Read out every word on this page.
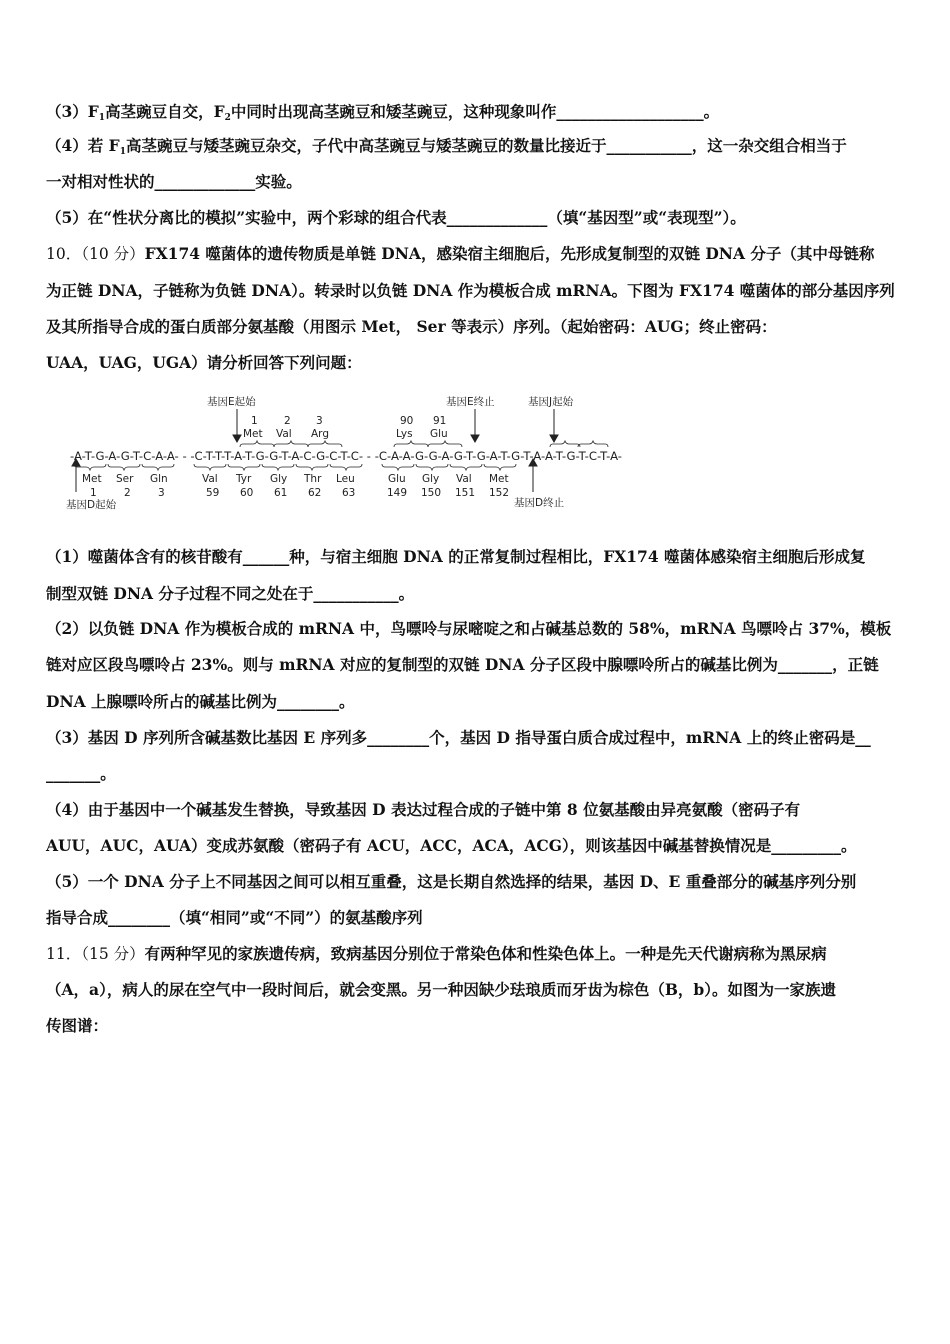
$(3)F_1$高茎豌豆自交，$F_2$中同时出现高茎豌豆和矮茎豌豆，这种现象叫作___________________。
（4）若 $F_1$高茎豌豆与矮茎豌豆杂交，子代中高茎豌豆与矮茎豌豆的数量比接近于___________，这一杂交组合相当于
一对相对性状的_____________实验。
（5）在“性状分离比的模拟”实验中，两个彩球的组合代表_____________（填“基因型”或“表现型”）。
10．（10 分）FX174 噬菌体的遗传物质是单链 DNA，感染宿主细胞后，先形成复制型的双链 DNA 分子（其中母链称
为正链 DNA，子链称为负链 DNA）。转录时以负链 DNA 作为模板合成 mRNA。下图为 FX174 噬菌体的部分基因序列
及其所指导合成的蛋白质部分氨基酸（用图示 Met， Ser 等表示）序列。（起始密码：AUG；终止密码：
UAA，UAG，UGA）请分析回答下列问题：
基因E起始	基因E终止	基因J起始
1
Met
2
Val
3
Arg
90
Lys
91
Glu
-A-T-G-A-G-T-C-A-A- - -C-T-T-T-A-T-G-G-T-A-C-G-C-T-C- - -C-A-A-G-G-A-G-T-G-A-T-G-T-A-A-T-G-T-C-T-A-
Met
1
Ser
2
Gln
3
Val
59
Tyr
60
Gly
61
Thr
62
Leu
63
Glu
149
Gly
150
Val
151
Met
152
基因D起始	基因D终止
（1）噬菌体含有的核苷酸有______种，与宿主细胞 DNA 的正常复制过程相比，FX174 噬菌体感染宿主细胞后形成复
制型双链 DNA 分子过程不同之处在于___________。
（2）以负链 DNA 作为模板合成的 mRNA 中，鸟嘌呤与尿嘧啶之和占碱基总数的 58%，mRNA 鸟嘌呤占 37%，模板
链对应区段鸟嘌呤占 23%。则与 mRNA 对应的复制型的双链 DNA 分子区段中腺嘌呤所占的碱基比例为_______，正链
DNA 上腺嘌呤所占的碱基比例为________。
（3）基因 D 序列所含碱基数比基因 E 序列多________个，基因 D 指导蛋白质合成过程中，mRNA 上的终止密码是__
_______。
（4）由于基因中一个碱基发生替换，导致基因 D 表达过程合成的子链中第 8 位氨基酸由异亮氨酸（密码子有
AUU，AUC，AUA）变成苏氨酸（密码子有 ACU，ACC，ACA，ACG），则该基因中碱基替换情况是_________。
（5）一个 DNA 分子上不同基因之间可以相互重叠，这是长期自然选择的结果，基因 D、E 重叠部分的碱基序列分别
指导合成________（填“相同”或“不同”）的氨基酸序列
11．（15 分）有两种罕见的家族遗传病，致病基因分别位于常染色体和性染色体上。一种是先天代谢病称为黑尿病
（A，a），病人的尿在空气中一段时间后，就会变黑。另一种因缺少珐琅质而牙齿为棕色（B，b）。如图为一家族遗
传图谱：
